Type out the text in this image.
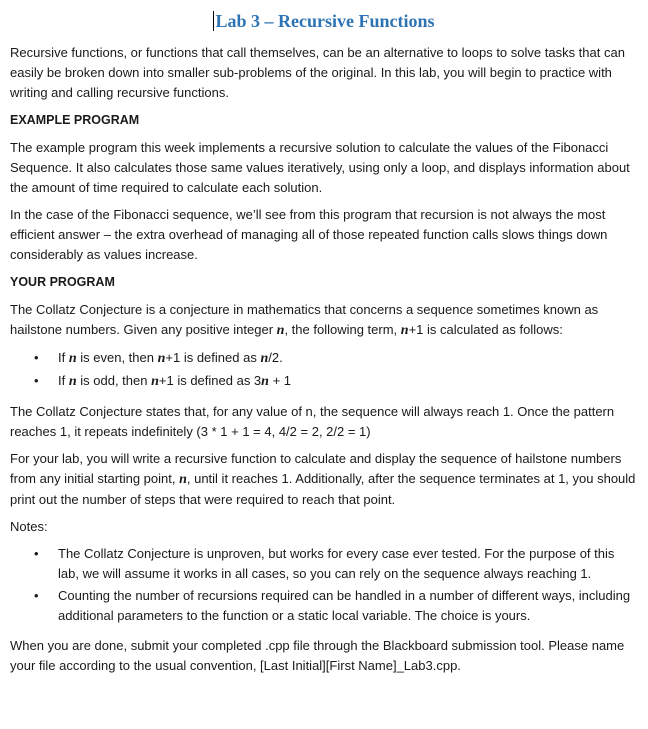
Lab 3 – Recursive Functions

Recursive functions, or functions that call themselves, can be an alternative to loops to solve tasks that can easily be broken down into smaller sub-problems of the original. In this lab, you will begin to practice with writing and calling recursive functions.

EXAMPLE PROGRAM

The example program this week implements a recursive solution to calculate the values of the Fibonacci Sequence. It also calculates those same values iteratively, using only a loop, and displays information about the amount of time required to calculate each solution.

In the case of the Fibonacci sequence, we’ll see from this program that recursion is not always the most efficient answer – the extra overhead of managing all of those repeated function calls slows things down considerably as values increase.

YOUR PROGRAM

The Collatz Conjecture is a conjecture in mathematics that concerns a sequence sometimes known as hailstone numbers. Given any positive integer n, the following term, n+1 is calculated as follows:

• If n is even, then n+1 is defined as n/2.
• If n is odd, then n+1 is defined as 3n + 1

The Collatz Conjecture states that, for any value of n, the sequence will always reach 1. Once the pattern reaches 1, it repeats indefinitely (3 * 1 + 1 = 4, 4/2 = 2, 2/2 = 1)

For your lab, you will write a recursive function to calculate and display the sequence of hailstone numbers from any initial starting point, n, until it reaches 1. Additionally, after the sequence terminates at 1, you should print out the number of steps that were required to reach that point.

Notes:

• The Collatz Conjecture is unproven, but works for every case ever tested. For the purpose of this lab, we will assume it works in all cases, so you can rely on the sequence always reaching 1.
• Counting the number of recursions required can be handled in a number of different ways, including additional parameters to the function or a static local variable. The choice is yours.

When you are done, submit your completed .cpp file through the Blackboard submission tool. Please name your file according to the usual convention, [Last Initial][First Name]_Lab3.cpp.
